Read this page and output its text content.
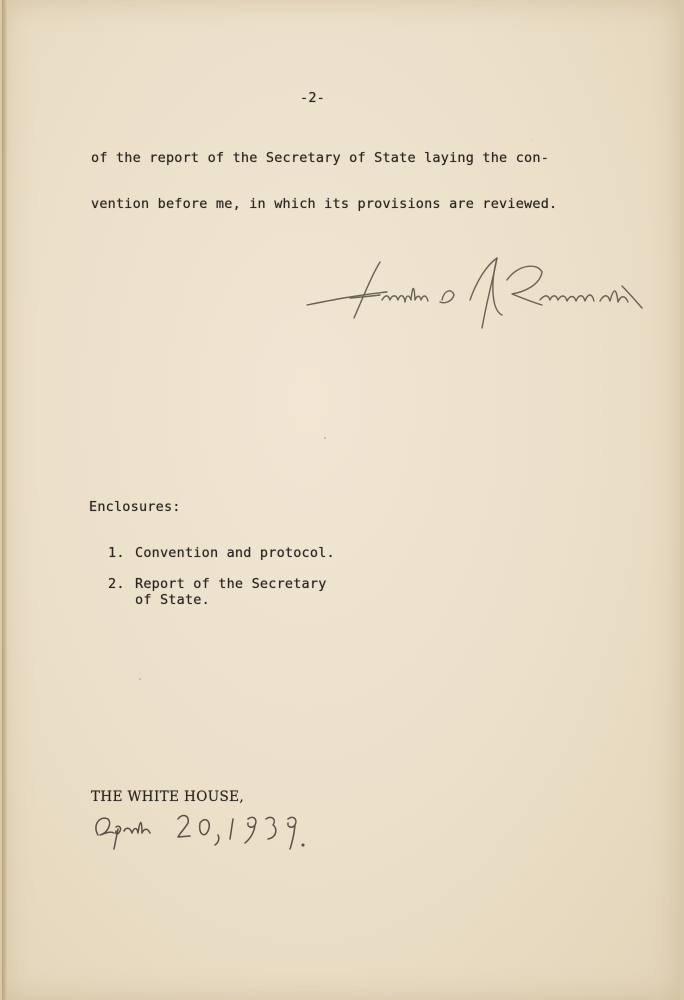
-2-
of the report of the Secretary of State laying the con-
vention before me, in which its provisions are reviewed.
Enclosures:
1. Convention and protocol.
2. Report of the Secretary
of State.
THE WHITE HOUSE,
